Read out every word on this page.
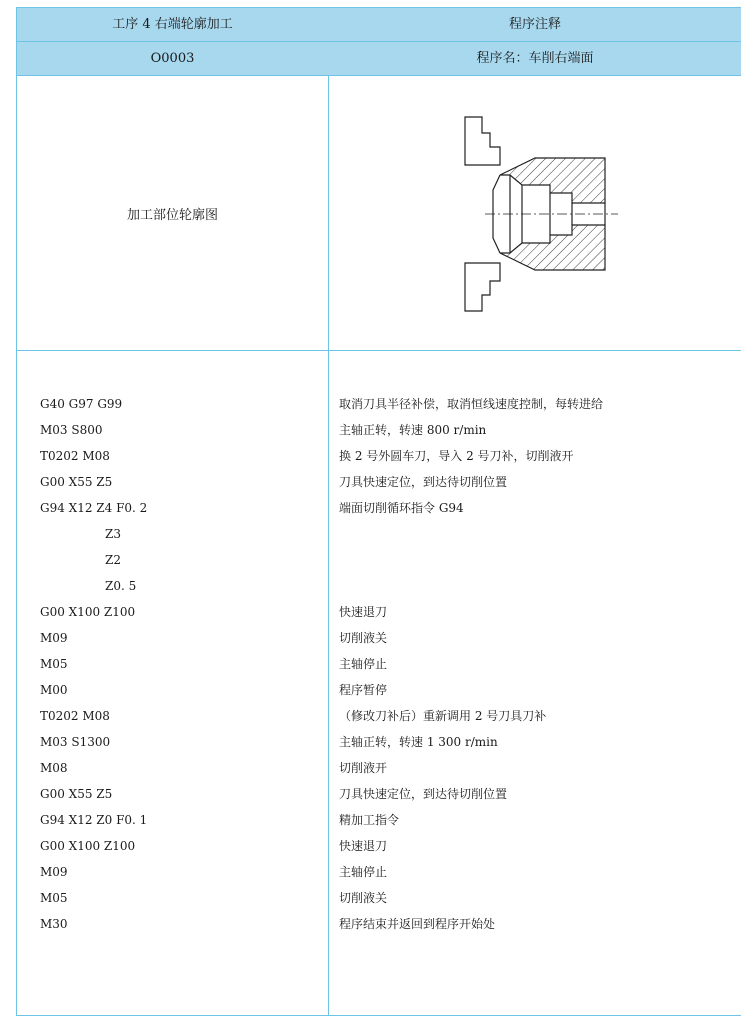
工序 4 右端轮廓加工	程序注释
O0003	程序名：车削右端面
加工部位轮廓图
G40 G97 G99	取消刀具半径补偿，取消恒线速度控制，每转进给
M03 S800	主轴正转，转速 800 r/min
T0202 M08	换 2 号外圆车刀，导入 2 号刀补，切削液开
G00 X55 Z5	刀具快速定位，到达待切削位置
G94 X12 Z4 F0. 2	端面切削循环指令 G94
Z3
Z2
Z0. 5
G00 X100 Z100	快速退刀
M09	切削液关
M05	主轴停止
M00	程序暂停
T0202 M08	（修改刀补后）重新调用 2 号刀具刀补
M03 S1300	主轴正转，转速 1 300 r/min
M08	切削液开
G00 X55 Z5	刀具快速定位，到达待切削位置
G94 X12 Z0 F0. 1	精加工指令
G00 X100 Z100	快速退刀
M09	主轴停止
M05	切削液关
M30	程序结束并返回到程序开始处
